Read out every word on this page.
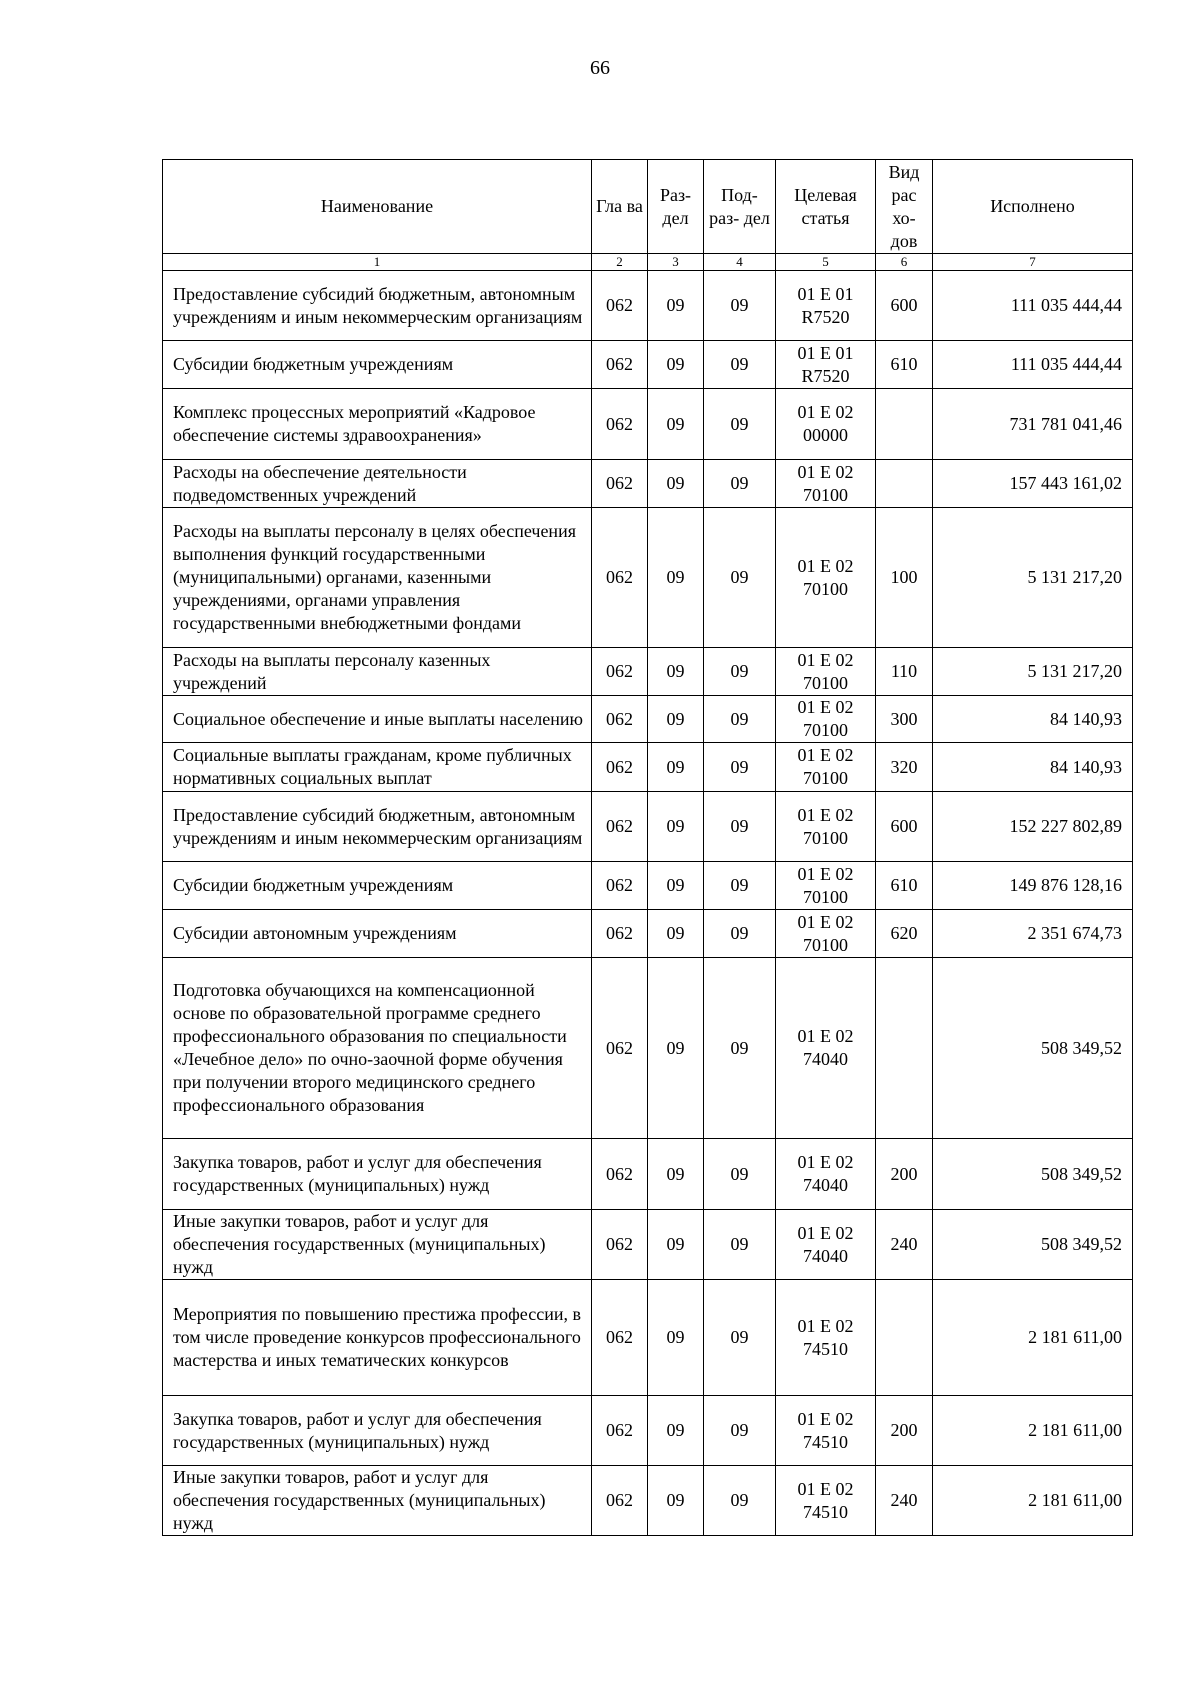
66
Наименование	Гла ва	Раз- дел	Под- раз- дел	Целевая статья	Вид рас хо- дов	Исполнено
1	2	3	4	5	6	7
Предоставление субсидий бюджетным, автономным учреждениям и иным некоммерческим организациям	062	09	09	01 Е 01 R7520	600	111 035 444,44
Субсидии бюджетным учреждениям	062	09	09	01 Е 01 R7520	610	111 035 444,44
Комплекс процессных мероприятий «Кадровое обеспечение системы здравоохранения»	062	09	09	01 Е 02 00000		731 781 041,46
Расходы на обеспечение деятельности подведомственных учреждений	062	09	09	01 Е 02 70100		157 443 161,02
Расходы на выплаты персоналу в целях обеспечения выполнения функций государственными (муниципальными) органами, казенными учреждениями, органами управления государственными внебюджетными фондами	062	09	09	01 Е 02 70100	100	5 131 217,20
Расходы на выплаты персоналу казенных учреждений	062	09	09	01 Е 02 70100	110	5 131 217,20
Социальное обеспечение и иные выплаты населению	062	09	09	01 Е 02 70100	300	84 140,93
Социальные выплаты гражданам, кроме публичных нормативных социальных выплат	062	09	09	01 Е 02 70100	320	84 140,93
Предоставление субсидий бюджетным, автономным учреждениям и иным некоммерческим организациям	062	09	09	01 Е 02 70100	600	152 227 802,89
Субсидии бюджетным учреждениям	062	09	09	01 Е 02 70100	610	149 876 128,16
Субсидии автономным учреждениям	062	09	09	01 Е 02 70100	620	2 351 674,73
Подготовка обучающихся на компенсационной основе по образовательной программе среднего профессионального образования по специальности «Лечебное дело» по очно-заочной форме обучения при получении второго медицинского среднего профессионального образования	062	09	09	01 Е 02 74040		508 349,52
Закупка товаров, работ и услуг для обеспечения государственных (муниципальных) нужд	062	09	09	01 Е 02 74040	200	508 349,52
Иные закупки товаров, работ и услуг для обеспечения государственных (муниципальных) нужд	062	09	09	01 Е 02 74040	240	508 349,52
Мероприятия по повышению престижа профессии, в том числе проведение конкурсов профессионального мастерства и иных тематических конкурсов	062	09	09	01 Е 02 74510		2 181 611,00
Закупка товаров, работ и услуг для обеспечения государственных (муниципальных) нужд	062	09	09	01 Е 02 74510	200	2 181 611,00
Иные закупки товаров, работ и услуг для обеспечения государственных (муниципальных) нужд	062	09	09	01 Е 02 74510	240	2 181 611,00
